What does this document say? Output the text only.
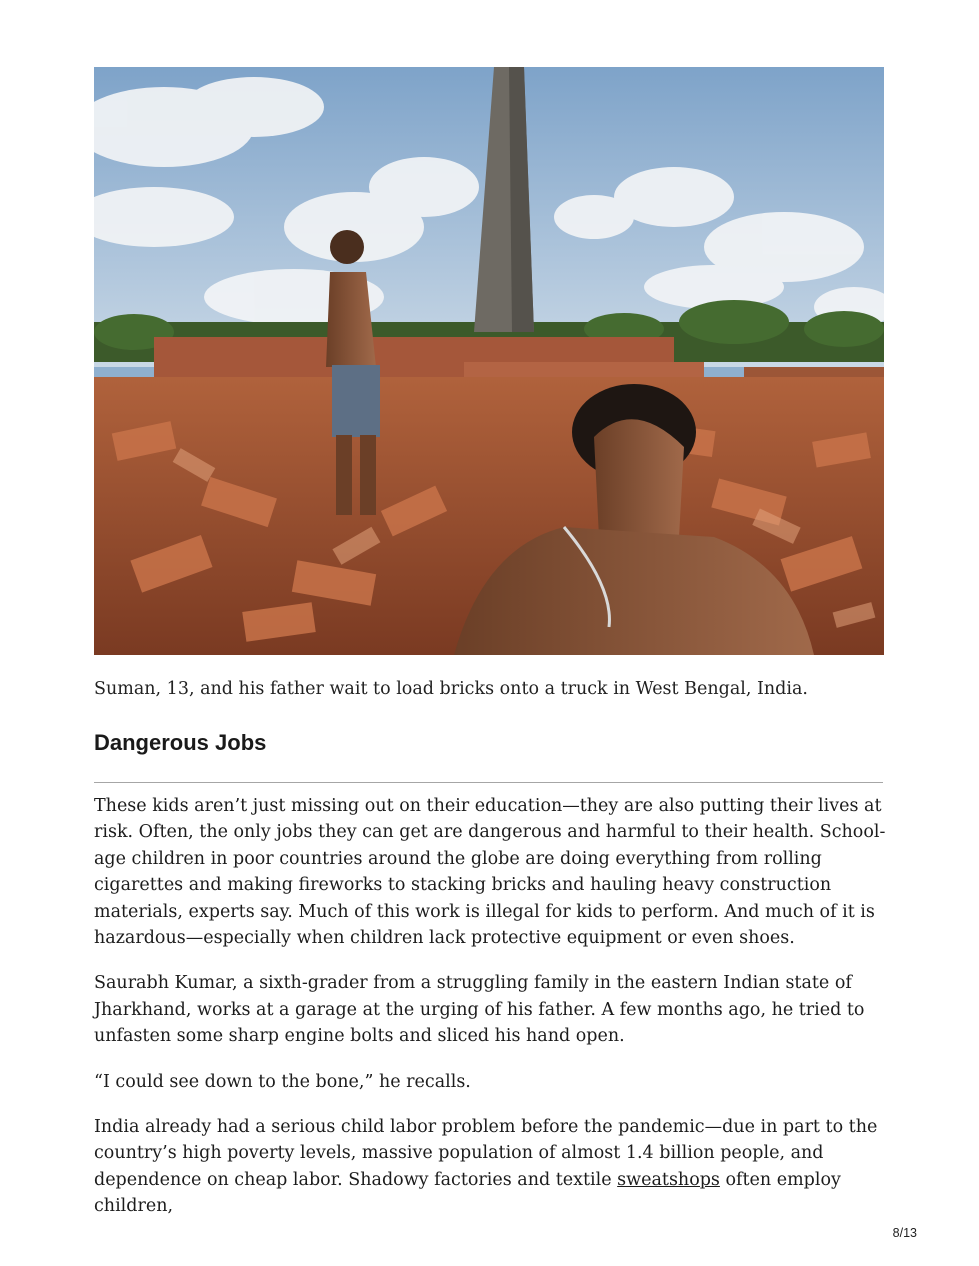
Suman, 13, and his father wait to load bricks onto a truck in West Bengal, India.
Dangerous Jobs

These kids aren’t just missing out on their education—they are also putting their lives at risk. Often, the only jobs they can get are dangerous and harmful to their health. School-age children in poor countries around the globe are doing everything from rolling cigarettes and making fireworks to stacking bricks and hauling heavy construction materials, experts say. Much of this work is illegal for kids to perform. And much of it is hazardous—especially when children lack protective equipment or even shoes.

Saurabh Kumar, a sixth-grader from a struggling family in the eastern Indian state of Jharkhand, works at a garage at the urging of his father. A few months ago, he tried to unfasten some sharp engine bolts and sliced his hand open.

“I could see down to the bone,” he recalls.

India already had a serious child labor problem before the pandemic—due in part to the country’s high poverty levels, massive population of almost 1.4 billion people, and dependence on cheap labor. Shadowy factories and textile sweatshops often employ children,

8/13
